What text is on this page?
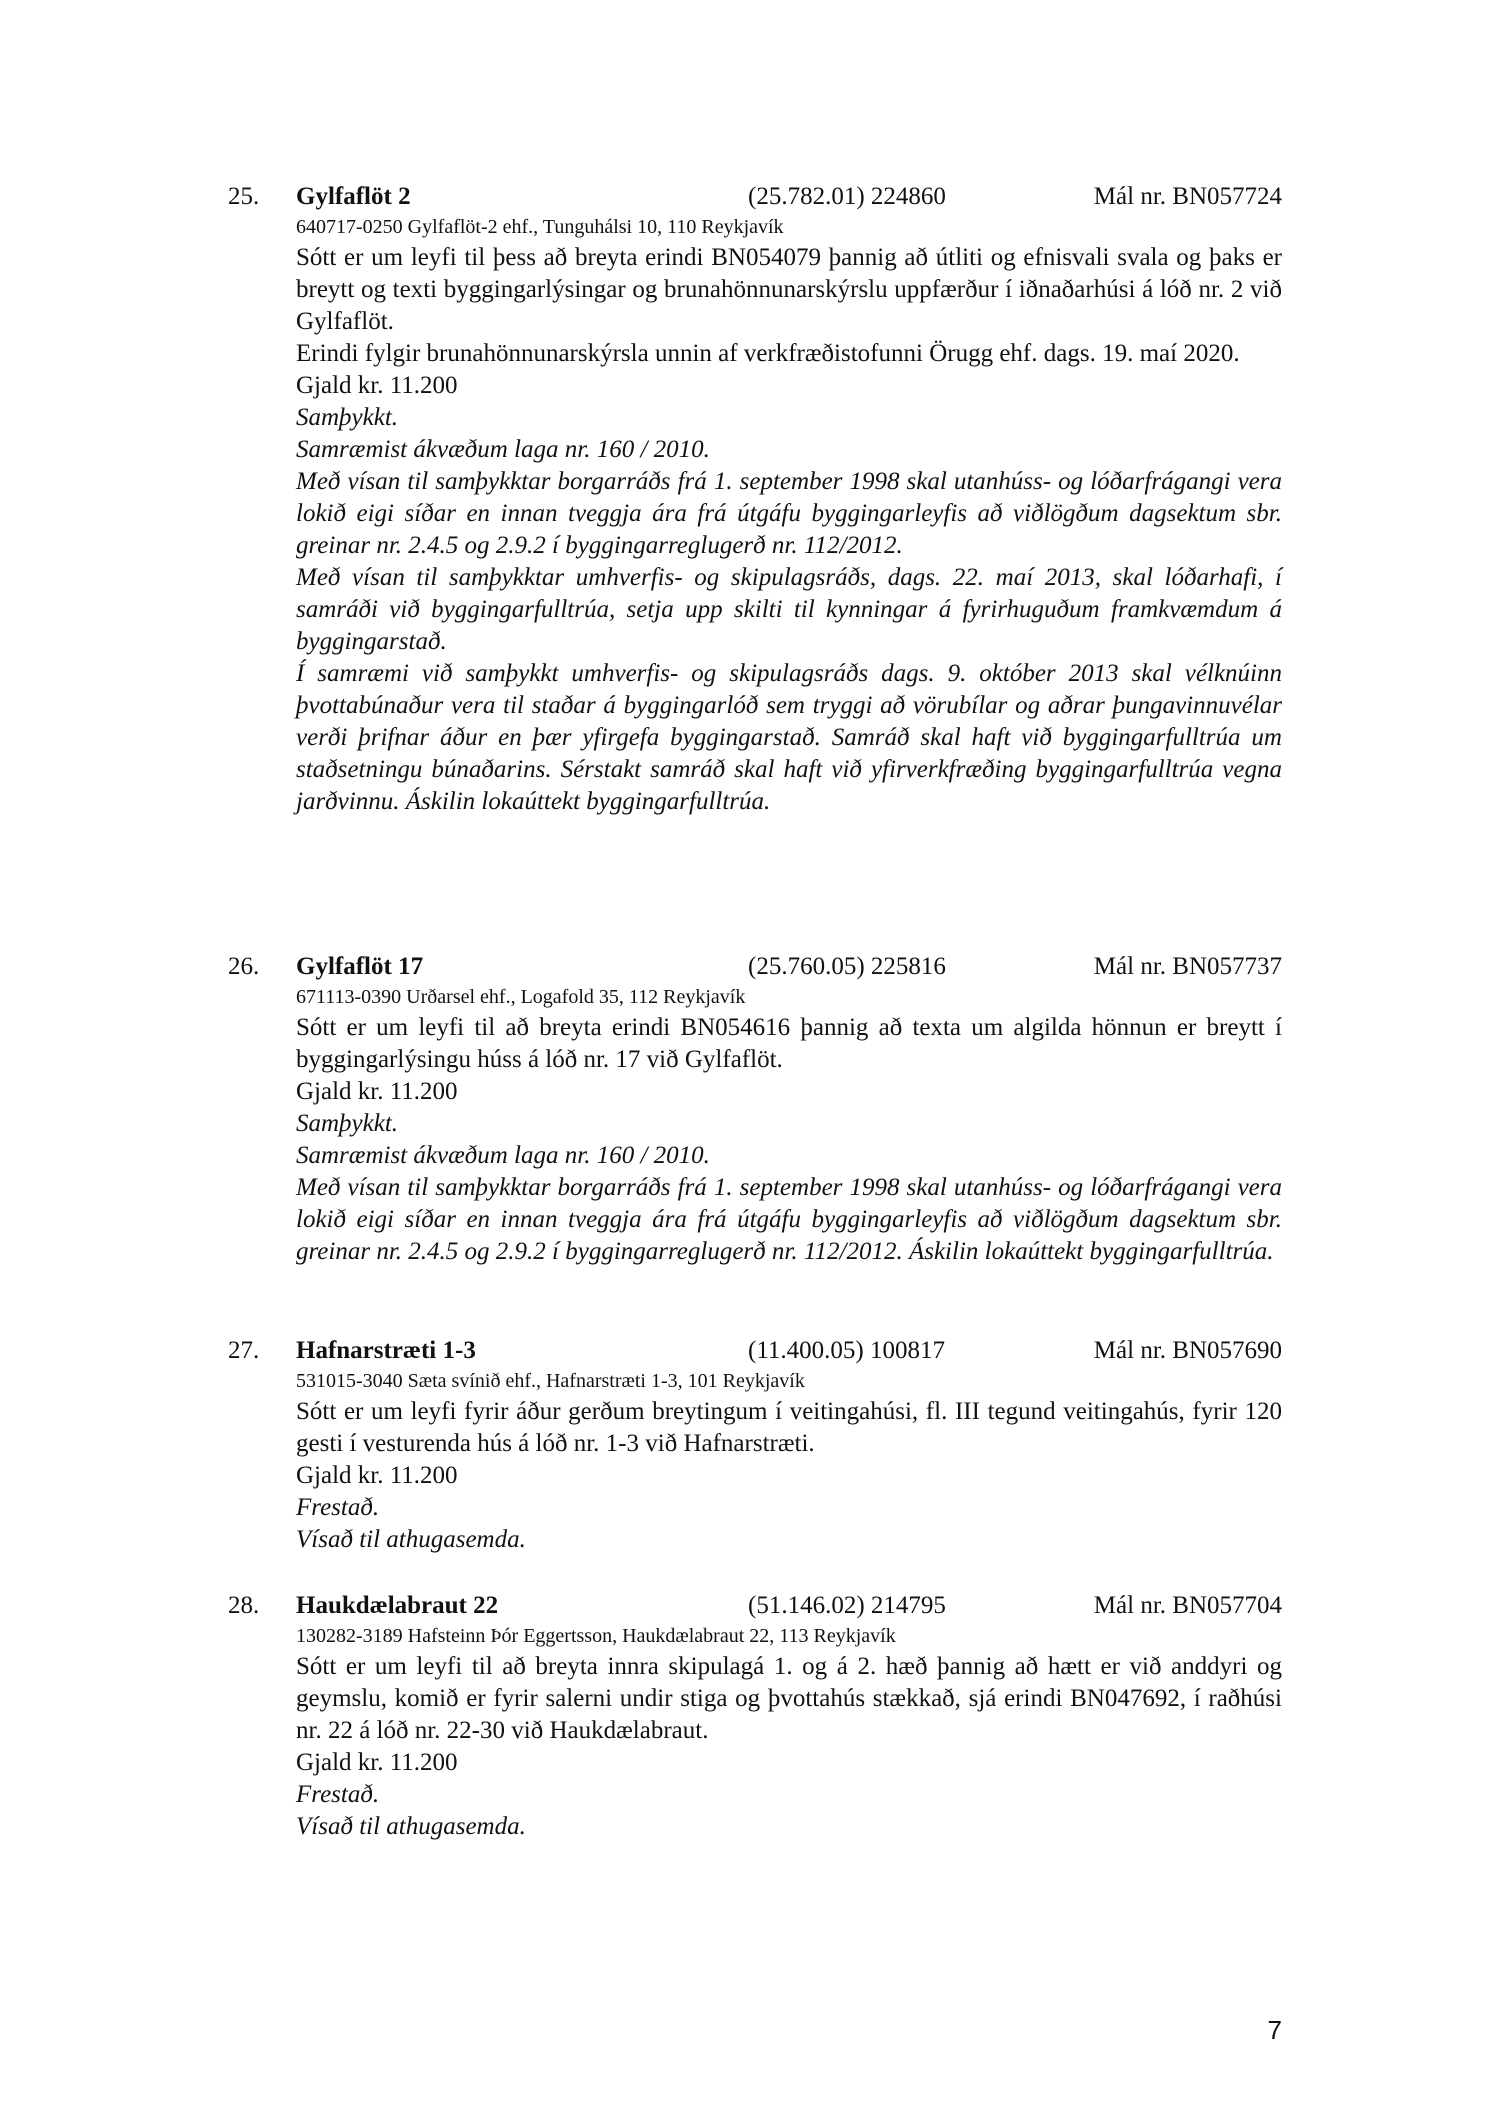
25. Gylfaflöt 2	(25.782.01) 224860	Mál nr. BN057724
640717-0250 Gylfaflöt-2 ehf., Tunguhálsi 10, 110 Reykjavík

Sótt er um leyfi til þess að breyta erindi BN054079 þannig að útliti og efnisvali svala og þaks er breytt og texti byggingarlýsingar og brunahönnunarskýrslu uppfærður í iðnaðarhúsi á lóð nr. 2 við Gylfaflöt.

Erindi fylgir brunahönnunarskýrsla unnin af verkfræðistofunni Örugg ehf. dags. 19. maí 2020.

Gjald kr. 11.200

Samþykkt.

Samræmist ákvæðum laga nr. 160 / 2010.

Með vísan til samþykktar borgarráðs frá 1. september 1998 skal utanhúss- og lóðarfrágangi vera lokið eigi síðar en innan tveggja ára frá útgáfu byggingarleyfis að viðlögðum dagsektum sbr. greinar nr. 2.4.5 og 2.9.2 í byggingarreglugerð nr. 112/2012.

Með vísan til samþykktar umhverfis- og skipulagsráðs, dags. 22. maí 2013, skal lóðarhafi, í samráði við byggingarfulltrúa, setja upp skilti til kynningar á fyrirhuguðum framkvæmdum á byggingarstað.

Í samræmi við samþykkt umhverfis- og skipulagsráðs dags. 9. október 2013 skal vélknúinn þvottabúnaður vera til staðar á byggingarlóð sem tryggi að vörubílar og aðrar þungavinnuvélar verði þrifnar áður en þær yfirgefa byggingarstað. Samráð skal haft við byggingarfulltrúa um staðsetningu búnaðarins. Sérstakt samráð skal haft við yfirverkfræðing byggingarfulltrúa vegna jarðvinnu. Áskilin lokaúttekt byggingarfulltrúa.

26. Gylfaflöt 17	(25.760.05) 225816	Mál nr. BN057737
671113-0390 Urðarsel ehf., Logafold 35, 112 Reykjavík

Sótt er um leyfi til að breyta erindi BN054616 þannig að texta um algilda hönnun er breytt í byggingarlýsingu húss á lóð nr. 17 við Gylfaflöt.

Gjald kr. 11.200

Samþykkt.

Samræmist ákvæðum laga nr. 160 / 2010.

Með vísan til samþykktar borgarráðs frá 1. september 1998 skal utanhúss- og lóðarfrágangi vera lokið eigi síðar en innan tveggja ára frá útgáfu byggingarleyfis að viðlögðum dagsektum sbr. greinar nr. 2.4.5 og 2.9.2 í byggingarreglugerð nr. 112/2012. Áskilin lokaúttekt byggingarfulltrúa.

27. Hafnarstræti 1-3	(11.400.05) 100817	Mál nr. BN057690
531015-3040 Sæta svínið ehf., Hafnarstræti 1-3, 101 Reykjavík

Sótt er um leyfi fyrir áður gerðum breytingum í veitingahúsi, fl. III tegund veitingahús, fyrir 120 gesti í vesturenda hús á lóð nr. 1-3 við Hafnarstræti.

Gjald kr. 11.200

Frestað.

Vísað til athugasemda.

28. Haukdælabraut 22	(51.146.02) 214795	Mál nr. BN057704
130282-3189 Hafsteinn Þór Eggertsson, Haukdælabraut 22, 113 Reykjavík

Sótt er um leyfi til að breyta innra skipulagá 1. og á 2. hæð þannig að hætt er við anddyri og geymslu, komið er fyrir salerni undir stiga og þvottahús stækkað, sjá erindi BN047692, í raðhúsi nr. 22 á lóð nr. 22-30 við Haukdælabraut.

Gjald kr. 11.200

Frestað.

Vísað til athugasemda.

7
